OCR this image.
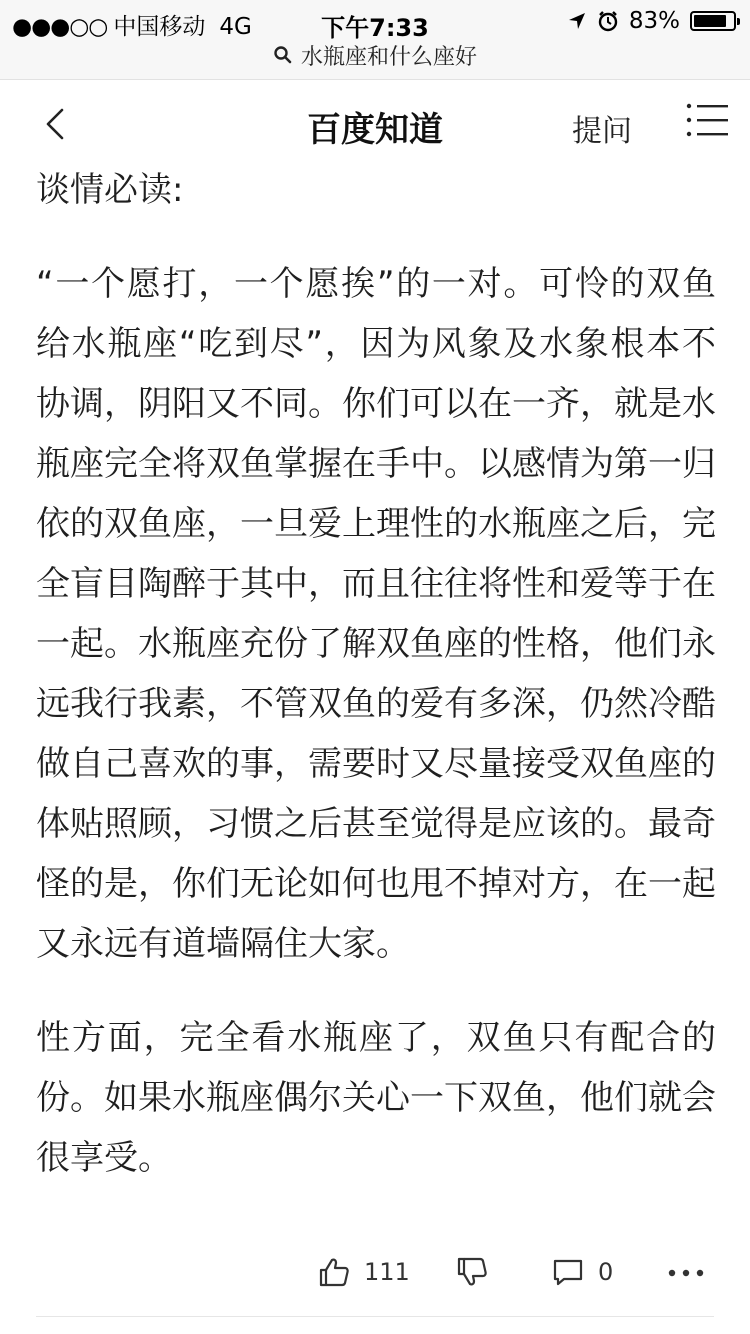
●●●○○ 中国移动 4G	下午7:33	83%
水瓶座和什么座好
百度知道	提问

谈情必读:

“一个愿打，一个愿挨”的一对。可怜的双鱼给水瓶座“吃到尽”，因为风象及水象根本不协调，阴阳又不同。你们可以在一齐，就是水瓶座完全将双鱼掌握在手中。以感情为第一归依的双鱼座，一旦爱上理性的水瓶座之后，完全盲目陶醉于其中，而且往往将性和爱等于在一起。水瓶座充份了解双鱼座的性格，他们永远我行我素，不管双鱼的爱有多深，仍然冷酷做自己喜欢的事，需要时又尽量接受双鱼座的体贴照顾，习惯之后甚至觉得是应该的。最奇怪的是，你们无论如何也甩不掉对方，在一起又永远有道墙隔住大家。

性方面，完全看水瓶座了，双鱼只有配合的份。如果水瓶座偶尔关心一下双鱼，他们就会很享受。

111	0
